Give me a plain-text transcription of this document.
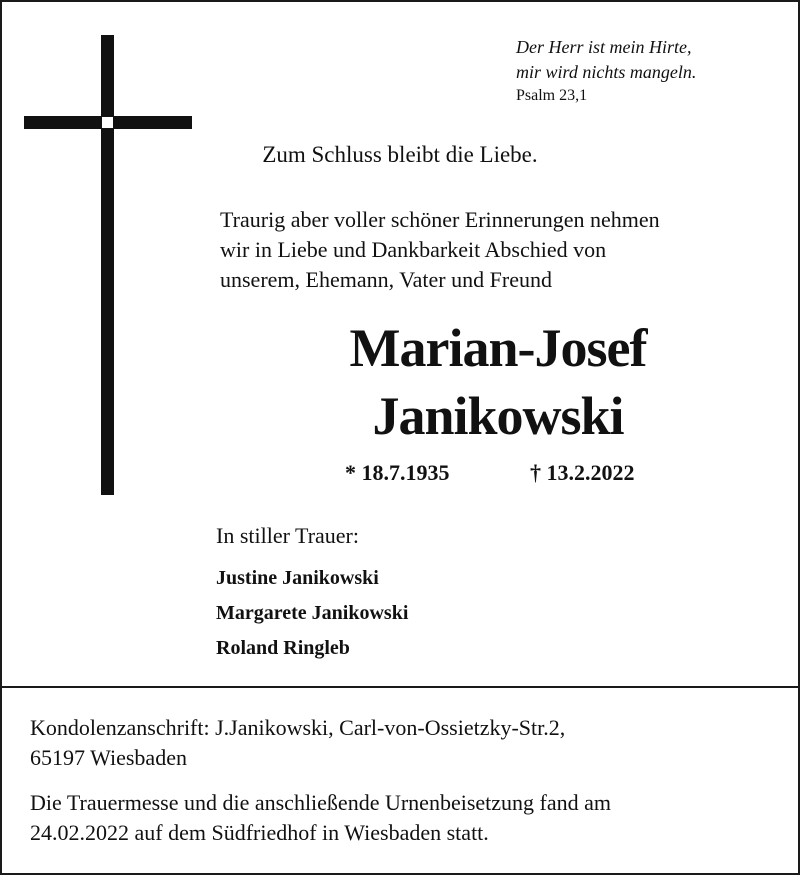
Der Herr ist mein Hirte,
mir wird nichts mangeln.
Psalm 23,1
Zum Schluss bleibt die Liebe.
Traurig aber voller schöner Erinnerungen nehmen
wir in Liebe und Dankbarkeit Abschied von
unserem, Ehemann, Vater und Freund
Marian-Josef
Janikowski
* 18.7.1935	† 13.2.2022
In stiller Trauer:
Justine Janikowski
Margarete Janikowski
Roland Ringleb
Kondolenzanschrift: J.Janikowski, Carl-von-Ossietzky-Str.2,
65197 Wiesbaden
Die Trauermesse und die anschließende Urnenbeisetzung fand am
24.02.2022 auf dem Südfriedhof in Wiesbaden statt.
